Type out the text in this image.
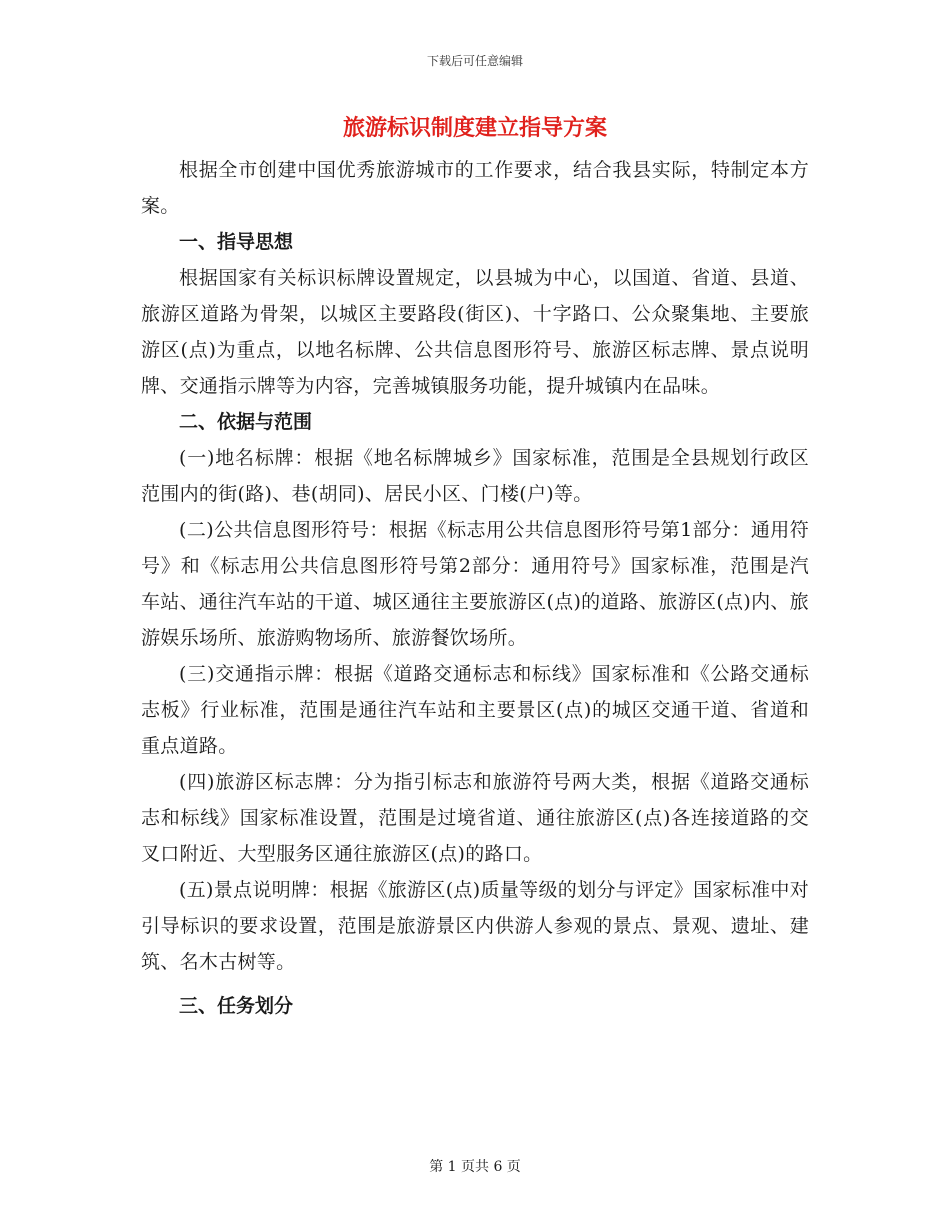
下载后可任意编辑
旅游标识制度建立指导方案

根据全市创建中国优秀旅游城市的工作要求，结合我县实际，特制定本方案。

一、指导思想

根据国家有关标识标牌设置规定，以县城为中心，以国道、省道、县道、旅游区道路为骨架，以城区主要路段(街区)、十字路口、公众聚集地、主要旅游区(点)为重点，以地名标牌、公共信息图形符号、旅游区标志牌、景点说明牌、交通指示牌等为内容，完善城镇服务功能，提升城镇内在品味。

二、依据与范围

(一)地名标牌：根据《地名标牌城乡》国家标准，范围是全县规划行政区范围内的街(路)、巷(胡同)、居民小区、门楼(户)等。

(二)公共信息图形符号：根据《标志用公共信息图形符号第1部分：通用符号》和《标志用公共信息图形符号第2部分：通用符号》国家标准，范围是汽车站、通往汽车站的干道、城区通往主要旅游区(点)的道路、旅游区(点)内、旅游娱乐场所、旅游购物场所、旅游餐饮场所。

(三)交通指示牌：根据《道路交通标志和标线》国家标准和《公路交通标志板》行业标准，范围是通往汽车站和主要景区(点)的城区交通干道、省道和重点道路。

(四)旅游区标志牌：分为指引标志和旅游符号两大类，根据《道路交通标志和标线》国家标准设置，范围是过境省道、通往旅游区(点)各连接道路的交叉口附近、大型服务区通往旅游区(点)的路口。

(五)景点说明牌：根据《旅游区(点)质量等级的划分与评定》国家标准中对引导标识的要求设置，范围是旅游景区内供游人参观的景点、景观、遗址、建筑、名木古树等。

三、任务划分

第 1 页共 6 页
